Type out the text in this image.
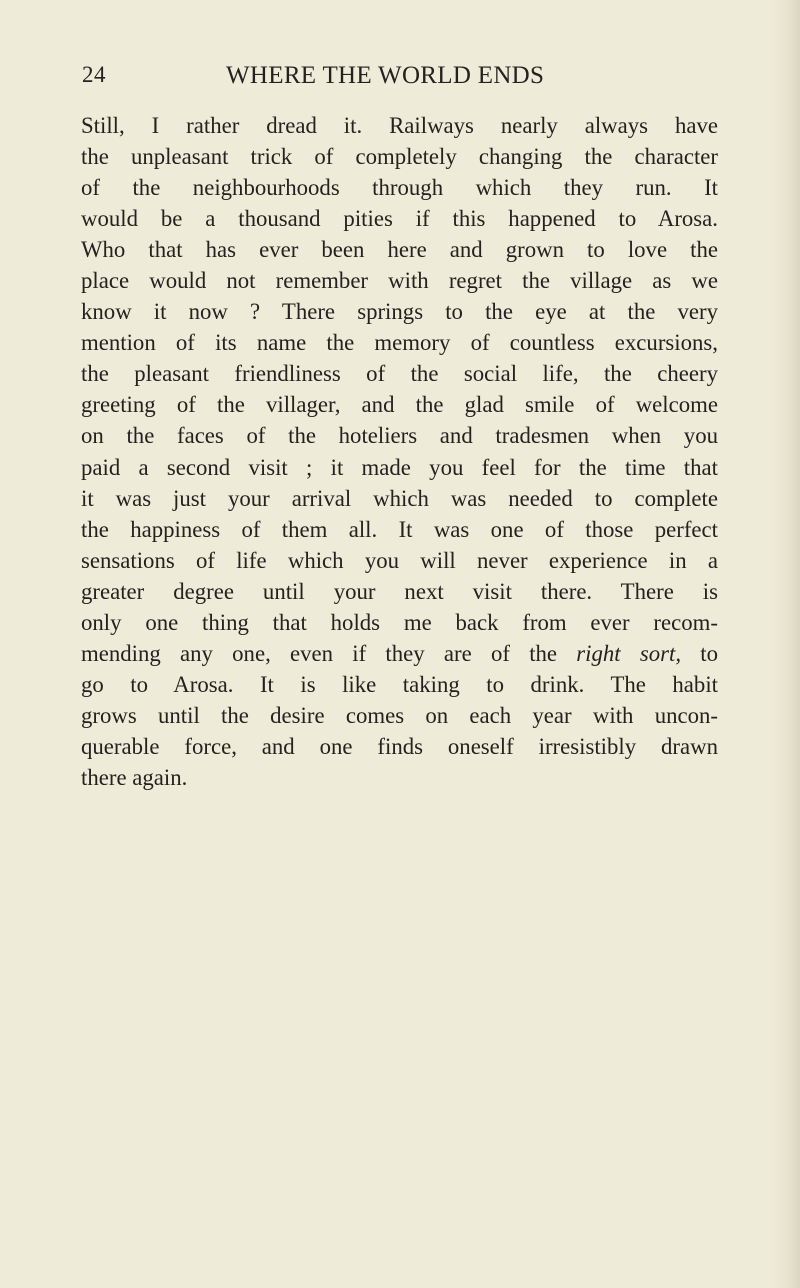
24	WHERE THE WORLD ENDS

Still, I rather dread it. Railways nearly always have
the unpleasant trick of completely changing the character
of the neighbourhoods through which they run. It
would be a thousand pities if this happened to Arosa.
Who that has ever been here and grown to love the
place would not remember with regret the village as we
know it now ? There springs to the eye at the very
mention of its name the memory of countless excursions,
the pleasant friendliness of the social life, the cheery
greeting of the villager, and the glad smile of welcome
on the faces of the hoteliers and tradesmen when you
paid a second visit ; it made you feel for the time that
it was just your arrival which was needed to complete
the happiness of them all. It was one of those perfect
sensations of life which you will never experience in a
greater degree until your next visit there. There is
only one thing that holds me back from ever recom-
mending any one, even if they are of the right sort, to
go to Arosa. It is like taking to drink. The habit
grows until the desire comes on each year with uncon-
querable force, and one finds oneself irresistibly drawn
there again.
